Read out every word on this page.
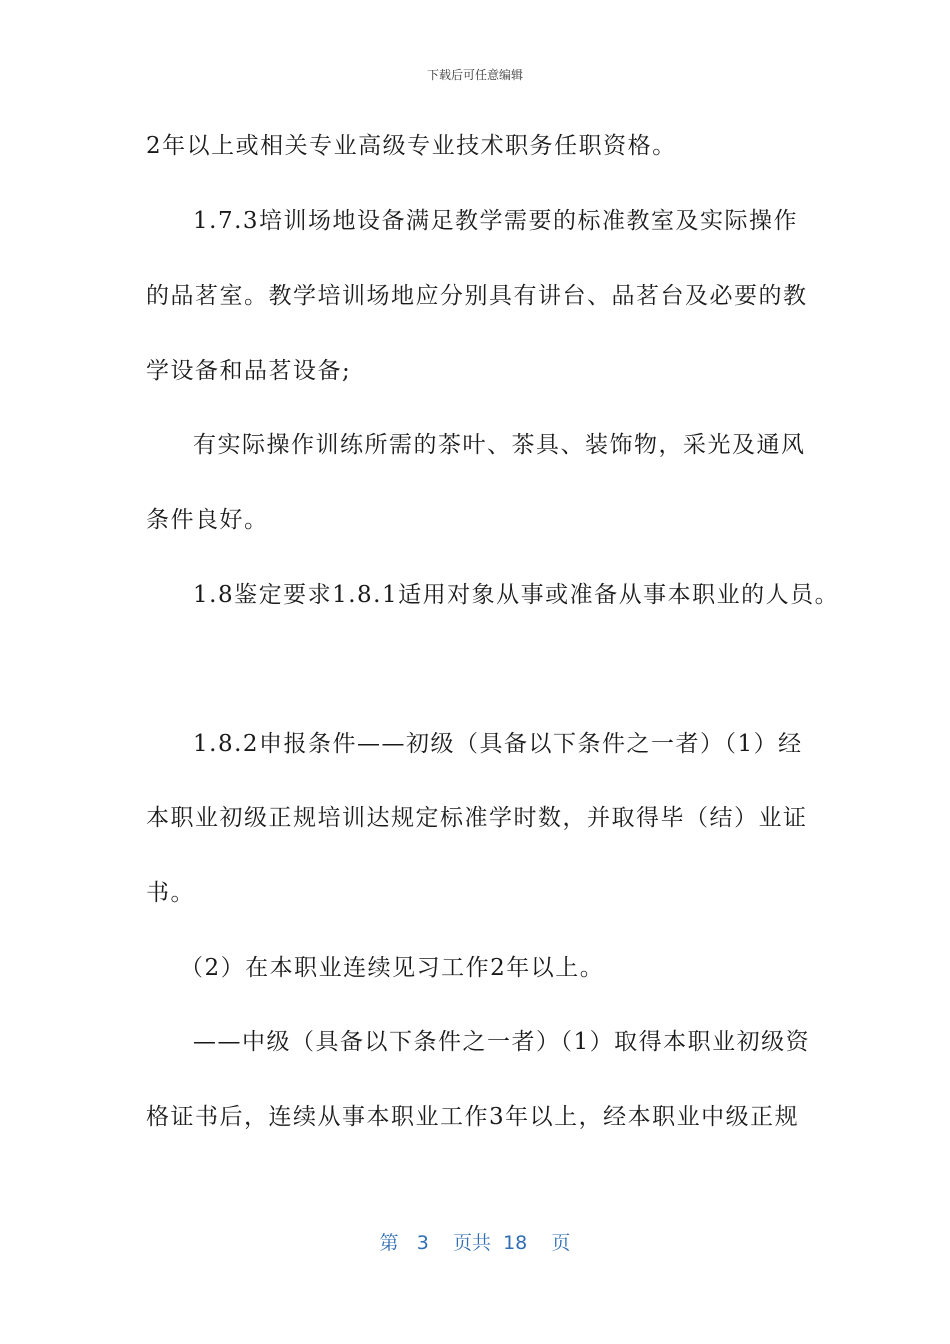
下载后可任意编辑
2年以上或相关专业高级专业技术职务任职资格。
1.7.3培训场地设备满足教学需要的标准教室及实际操作
的品茗室。教学培训场地应分别具有讲台、品茗台及必要的教
学设备和品茗设备;
有实际操作训练所需的茶叶、茶具、装饰物，采光及通风
条件良好。
1.8鉴定要求1.8.1适用对象从事或准备从事本职业的人员。
1.8.2申报条件——初级（具备以下条件之一者）（1）经
本职业初级正规培训达规定标准学时数，并取得毕（结）业证
书。
（2）在本职业连续见习工作2年以上。
——中级（具备以下条件之一者）（1）取得本职业初级资
格证书后，连续从事本职业工作3年以上，经本职业中级正规
第 3 页共 18 页
